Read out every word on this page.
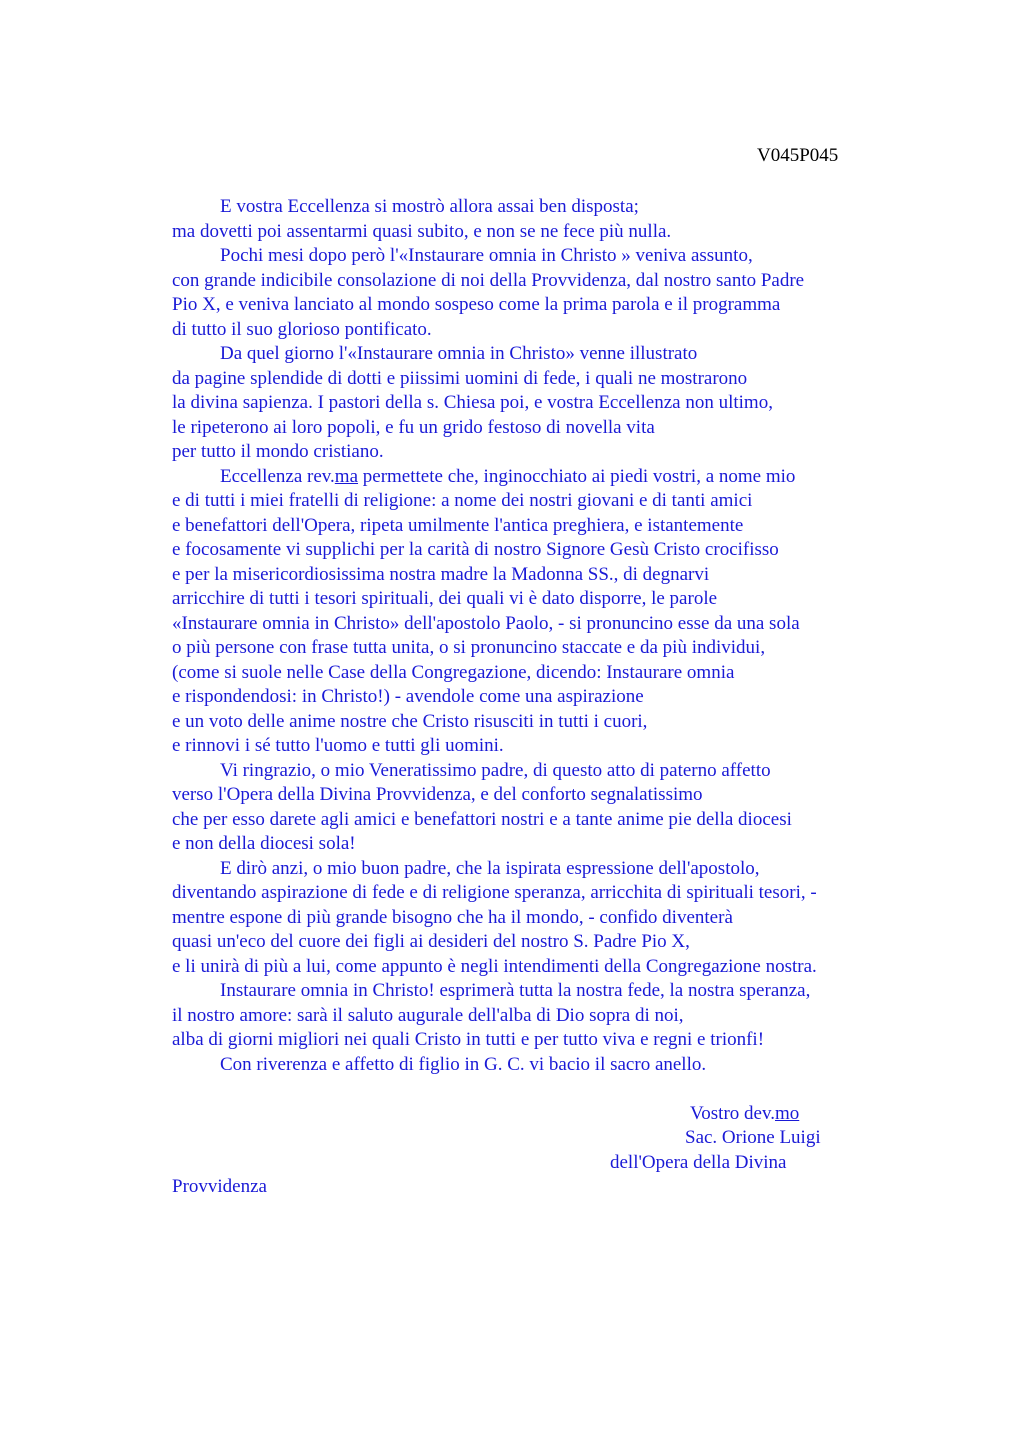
V045P045
E vostra Eccellenza si mostrò allora assai ben disposta;
ma dovetti poi assentarmi quasi subito, e non se ne fece più nulla.
Pochi mesi dopo però l'«Instaurare omnia in Christo » veniva assunto,
con grande indicibile consolazione di noi della Provvidenza, dal nostro santo Padre
Pio X, e veniva lanciato al mondo sospeso come la prima parola e il programma
di tutto il suo glorioso pontificato.
Da quel giorno l'«Instaurare omnia in Christo» venne illustrato
da pagine splendide di dotti e piissimi uomini di fede, i quali ne mostrarono
la divina sapienza. I pastori della s. Chiesa poi, e vostra Eccellenza non ultimo,
le ripeterono ai loro popoli, e fu un grido festoso di novella vita
per tutto il mondo cristiano.
Eccellenza rev.ma permettete che, inginocchiato ai piedi vostri, a nome mio
e di tutti i miei fratelli di religione: a nome dei nostri giovani e di tanti amici
e benefattori dell'Opera, ripeta umilmente l'antica preghiera, e istantemente
e focosamente vi supplichi per la carità di nostro Signore Gesù Cristo crocifisso
e per la misericordiosissima nostra madre la Madonna SS., di degnarvi
arricchire di tutti i tesori spirituali, dei quali vi è dato disporre, le parole
«Instaurare omnia in Christo» dell'apostolo Paolo, - si pronuncino esse da una sola
o più persone con frase tutta unita, o si pronuncino staccate e da più individui,
(come si suole nelle Case della Congregazione, dicendo: Instaurare omnia
e rispondendosi: in Christo!) - avendole come una aspirazione
e un voto delle anime nostre che Cristo risusciti in tutti i cuori,
e rinnovi i sé tutto l'uomo e tutti gli uomini.
Vi ringrazio, o mio Veneratissimo padre, di questo atto di paterno affetto
verso l'Opera della Divina Provvidenza, e del conforto segnalatissimo
che per esso darete agli amici e benefattori nostri e a tante anime pie della diocesi
e non della diocesi sola!
E dirò anzi, o mio buon padre, che la ispirata espressione dell'apostolo,
diventando aspirazione di fede e di religione speranza, arricchita di spirituali tesori, -
mentre espone di più grande bisogno che ha il mondo, - confido diventerà
quasi un'eco del cuore dei figli ai desideri del nostro S. Padre Pio X,
e li unirà di più a lui, come appunto è negli intendimenti della Congregazione nostra.
Instaurare omnia in Christo! esprimerà tutta la nostra fede, la nostra speranza,
il nostro amore: sarà il saluto augurale dell'alba di Dio sopra di noi,
alba di giorni migliori nei quali Cristo in tutti e per tutto viva e regni e trionfi!
Con riverenza e affetto di figlio in G. C. vi bacio il sacro anello.
Vostro dev.mo
Sac. Orione Luigi
dell'Opera della Divina
Provvidenza
